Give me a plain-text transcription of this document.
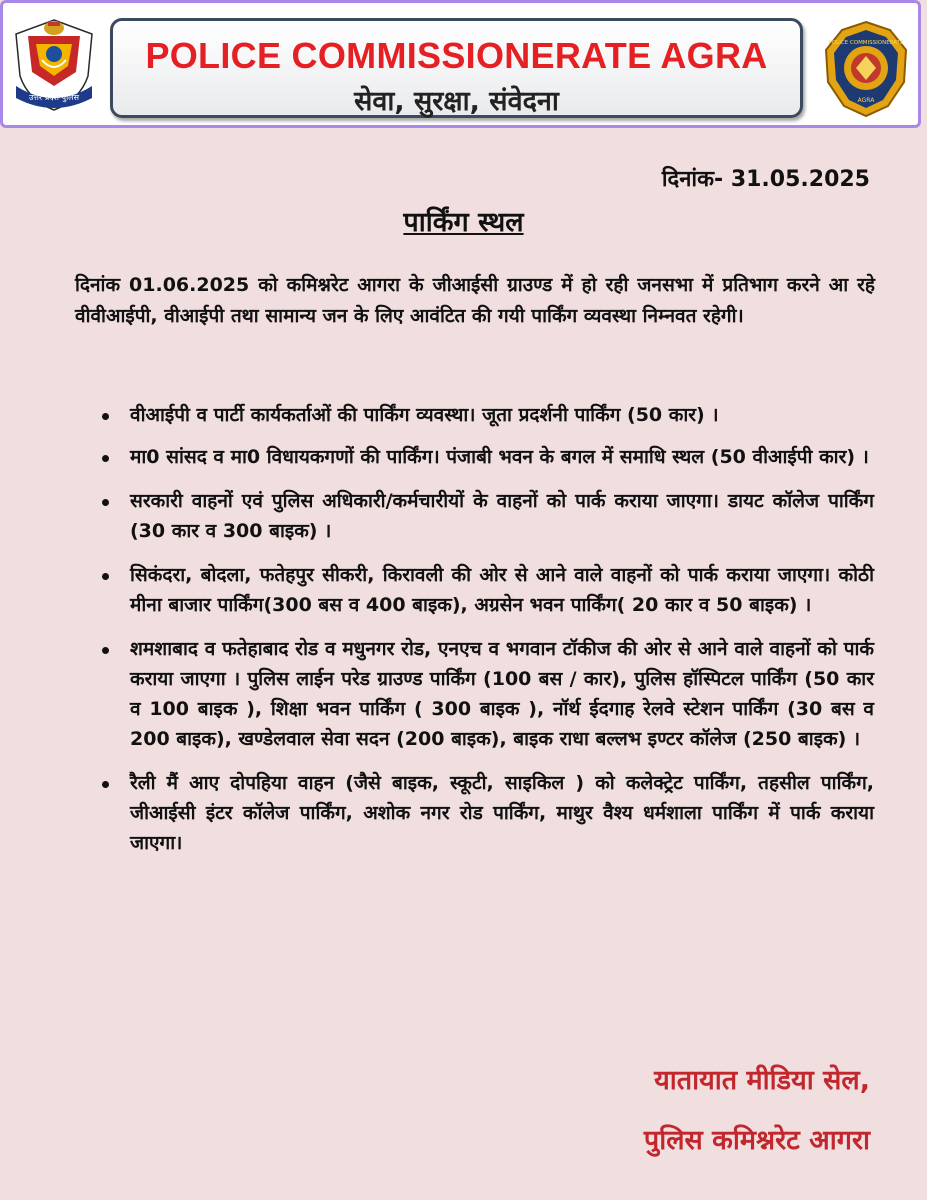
उत्तर प्रदेश पुलिस
POLICE COMMISSIONERATE AGRA
सेवा, सुरक्षा, संवेदना
POLICE COMMISSIONERATE
AGRA
दिनांक- 31.05.2025
पार्किंग स्थल
दिनांक 01.06.2025 को कमिश्नरेट आगरा के जीआईसी ग्राउण्ड में हो रही जनसभा में प्रतिभाग करने आ रहे वीवीआईपी, वीआईपी तथा सामान्य जन के लिए आवंटित की गयी पार्किंग व्यवस्था निम्नवत रहेगी।
वीआईपी व पार्टी कार्यकर्ताओं की पार्किंग व्यवस्था। जूता प्रदर्शनी पार्किंग (50 कार) ।
मा0 सांसद व मा0 विधायकगणों की पार्किंग। पंजाबी भवन के बगल में समाधि स्थल (50 वीआईपी कार) ।
सरकारी वाहनों एवं पुलिस अधिकारी/कर्मचारीयों के वाहनों को पार्क कराया जाएगा। डायट कॉलेज पार्किंग (30 कार व 300 बाइक) ।
सिकंदरा, बोदला, फतेहपुर सीकरी, किरावली की ओर से आने वाले वाहनों को पार्क कराया जाएगा। कोठी मीना बाजार पार्किंग(300 बस व 400 बाइक), अग्रसेन भवन पार्किंग( 20 कार व 50 बाइक) ।
शमशाबाद व फतेहाबाद रोड व मधुनगर रोड, एनएच व भगवान टॉकीज की ओर से आने वाले वाहनों को पार्क कराया जाएगा । पुलिस लाईन परेड ग्राउण्ड पार्किंग (100 बस / कार), पुलिस हॉस्पिटल पार्किंग (50 कार व 100 बाइक ), शिक्षा भवन पार्किंग ( 300 बाइक ), नॉर्थ ईदगाह रेलवे स्टेशन पार्किंग (30 बस व 200 बाइक), खण्डेलवाल सेवा सदन (200 बाइक), बाइक राधा बल्लभ इण्टर कॉलेज (250 बाइक) ।
रैली मैं आए दोपहिया वाहन (जैसे बाइक, स्कूटी, साइकिल ) को कलेक्ट्रेट पार्किंग, तहसील पार्किंग, जीआईसी इंटर कॉलेज पार्किंग, अशोक नगर रोड पार्किंग, माथुर वैश्य धर्मशाला पार्किंग में पार्क कराया जाएगा।
यातायात मीडिया सेल,
पुलिस कमिश्नरेट आगरा
